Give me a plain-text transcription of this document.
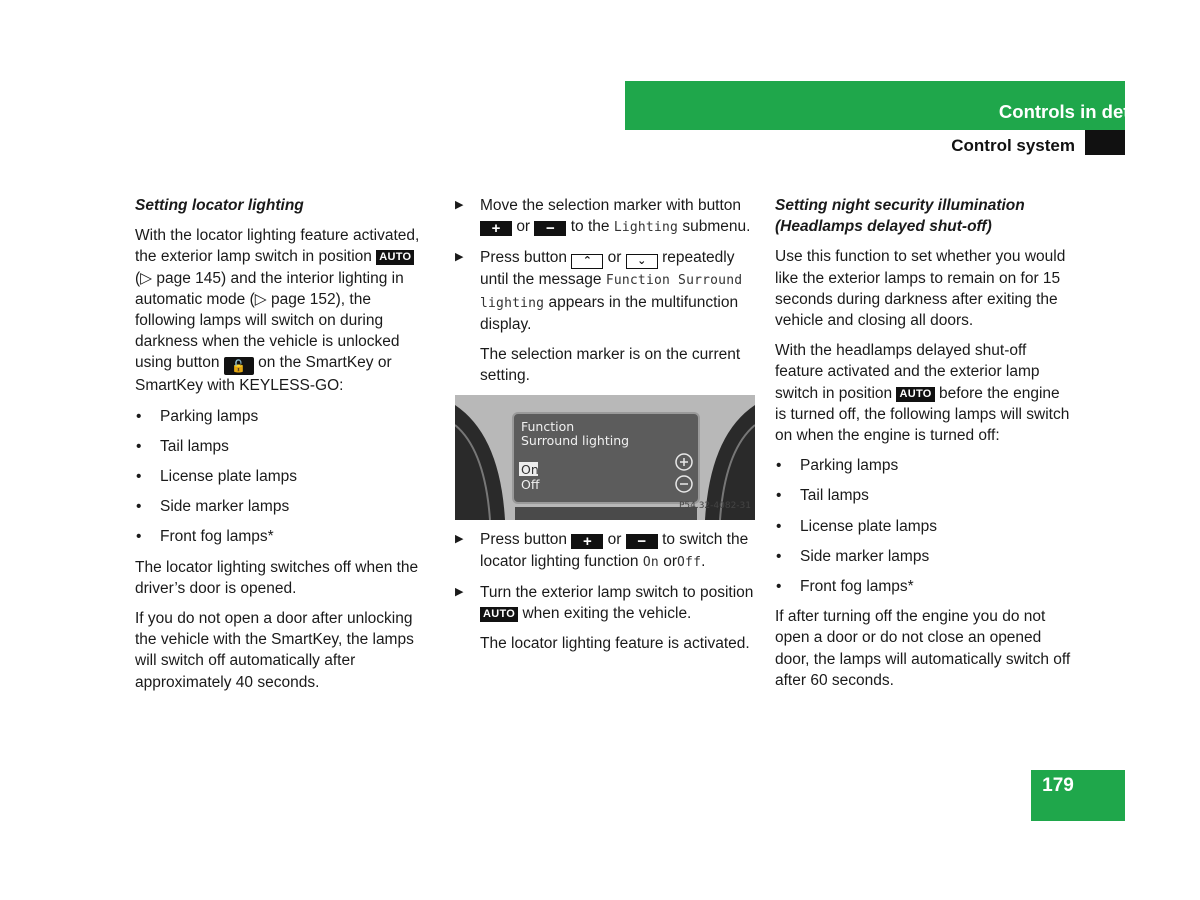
Controls in detail
Control system

Setting locator lighting

With the locator lighting feature activated, the exterior lamp switch in position AUTO (▷ page 145) and the interior lighting in automatic mode (▷ page 152), the following lamps will switch on during darkness when the vehicle is unlocked using button 🔓 on the SmartKey or SmartKey with KEYLESS-GO:

• Parking lamps
• Tail lamps
• License plate lamps
• Side marker lamps
• Front fog lamps*

The locator lighting switches off when the driver’s door is opened.

If you do not open a door after unlocking the vehicle with the SmartKey, the lamps will switch off automatically after approximately 40 seconds.

▶ Move the selection marker with button + or − to the Lighting submenu.
▶ Press button ⌃ or ⌄ repeatedly until the message Function Surround lighting appears in the multifunction display.

The selection marker is on the current setting.

Function
Surround lighting
On
Off
P54.32-4082-31
▶ Press button + or − to switch the locator lighting function On orOff.
▶ Turn the exterior lamp switch to position AUTO when exiting the vehicle.

The locator lighting feature is activated.

Setting night security illumination (Headlamps delayed shut-off)

Use this function to set whether you would like the exterior lamps to remain on for 15 seconds during darkness after exiting the vehicle and closing all doors.

With the headlamps delayed shut-off feature activated and the exterior lamp switch in position AUTO before the engine is turned off, the following lamps will switch on when the engine is turned off:

• Parking lamps
• Tail lamps
• License plate lamps
• Side marker lamps
• Front fog lamps*

If after turning off the engine you do not open a door or do not close an opened door, the lamps will automatically switch off after 60 seconds.

179
